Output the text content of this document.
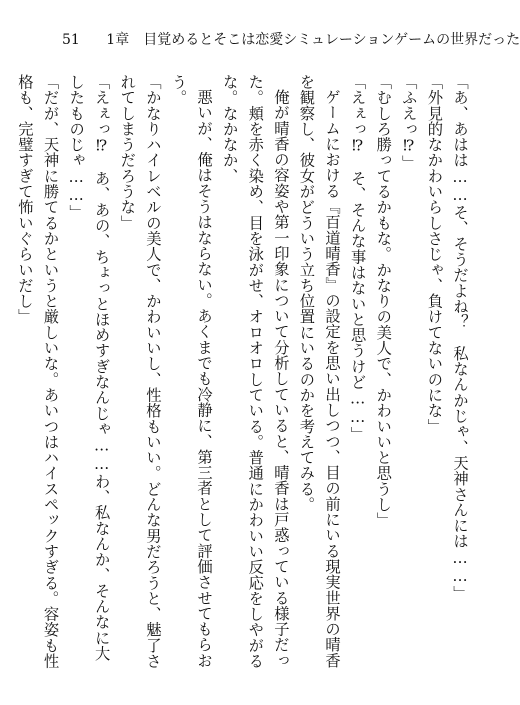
51 1章　目覚めるとそこは恋愛シミュレーションゲームの世界だった

「あ、あはは……そ、そうだよね？　私なんかじゃ、天神さんには……」

「外見的なかわいらしさじゃ、負けてないのにな」

「ふえっ⁉」

「むしろ勝ってるかもな。かなりの美人で、かわいいと思うし」

「えぇっ⁉　そ、そんな事はないと思うけど……」

ゲームにおける『百道晴香』の設定を思い出しつつ、目の前にいる現実世界の晴香を観察し、彼女がどういう立ち位置にいるのかを考えてみる。

俺が晴香の容姿や第一印象について分析していると、晴香は戸惑っている様子だった。頬を赤く染め、目を泳がせ、オロオロしている。普通にかわいい反応をしやがるな。なかなか、

悪いが、俺はそうはならない。あくまでも冷静に、第三者として評価させてもらおう。

「かなりハイレベルの美人で、かわいいし、性格もいい。どんな男だろうと、魅了されてしまうだろうな」

「えぇっ⁉　あ、あの、ちょっとほめすぎなんじゃ……わ、私なんか、そんなに大したものじゃ……」

「だが、天神に勝てるかというと厳しいな。あいつはハイスペックすぎる。容姿も性格も、完璧すぎて怖いぐらいだし」
